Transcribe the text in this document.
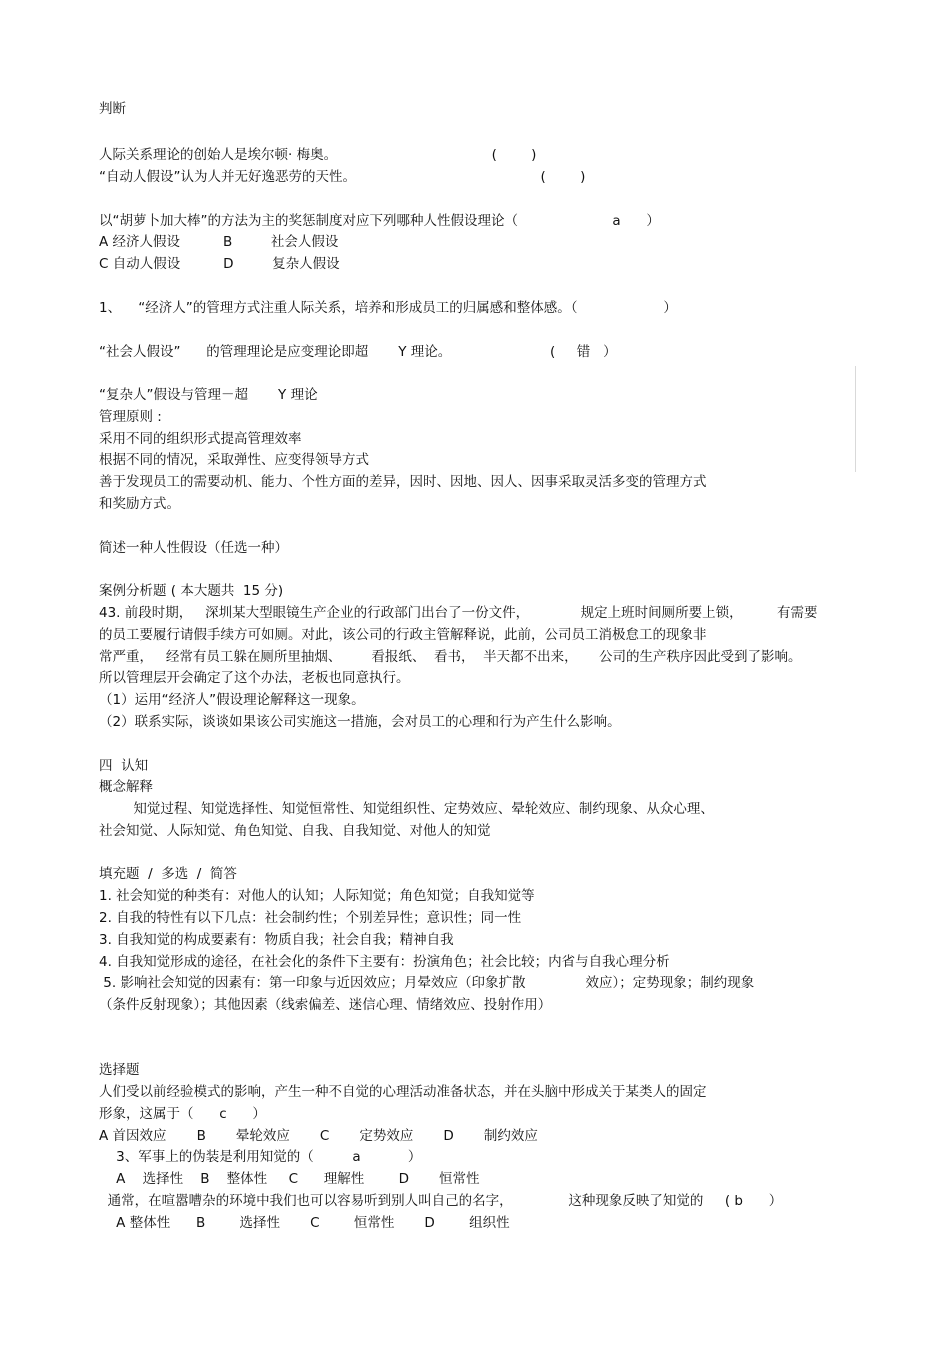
判断
人际关系理论的创始人是埃尔顿· 梅奥。                                    (        )
“自动人假设”认为人并无好逸恶劳的天性。                                           (        )
以“胡萝卜加大棒”的方法为主的奖惩制度对应下列哪种人性假设理论（                      a      ）
A 经济人假设          B         社会人假设
C 自动人假设          D         复杂人假设
1、    “经济人”的管理方式注重人际关系，培养和形成员工的归属感和整体感。（                    ）
“社会人假设”      的管理理论是应变理论即超       Y 理论。                       (     错   ）
“复杂人”假设与管理－超       Y 理论
管理原则 :
采用不同的组织形式提高管理效率
根据不同的情况，采取弹性、应变得领导方式
善于发现员工的需要动机、能力、个性方面的差异，因时、因地、因人、因事采取灵活多变的管理方式
和奖励方式。
简述一种人性假设（任选一种）
案例分析题 ( 本大题共  15 分)
43. 前段时期，   深圳某大型眼镜生产企业的行政部门出台了一份文件，            规定上班时间厕所要上锁，        有需要
的员工要履行请假手续方可如厕。对此，该公司的行政主管解释说，此前，公司员工消极怠工的现象非
常严重，   经常有员工躲在厕所里抽烟、       看报纸、  看书，  半天都不出来，     公司的生产秩序因此受到了影响。
所以管理层开会确定了这个办法，老板也同意执行。
（1）运用“经济人”假设理论解释这一现象。
（2）联系实际，谈谈如果该公司实施这一措施，会对员工的心理和行为产生什么影响。
四  认知
概念解释
知觉过程、知觉选择性、知觉恒常性、知觉组织性、定势效应、晕轮效应、制约现象、从众心理、
社会知觉、人际知觉、角色知觉、自我、自我知觉、对他人的知觉
填充题  /  多选  /  简答
1. 社会知觉的种类有：对他人的认知；人际知觉；角色知觉；自我知觉等
2. 自我的特性有以下几点：社会制约性；个别差异性；意识性；同一性
3. 自我知觉的构成要素有：物质自我；社会自我；精神自我
4. 自我知觉形成的途径，在社会化的条件下主要有：扮演角色；社会比较；内省与自我心理分析
5. 影响社会知觉的因素有：第一印象与近因效应；月晕效应（印象扩散              效应）；定势现象；制约现象
（条件反射现象）；其他因素（线索偏差、迷信心理、情绪效应、投射作用）
选择题
人们受以前经验模式的影响，产生一种不自觉的心理活动准备状态，并在头脑中形成关于某类人的固定
形象，这属于（      c      ）
A 首因效应       B       晕轮效应       C       定势效应       D       制约效应
3、军事上的伪装是利用知觉的（         a           ）
A    选择性    B    整体性     C      理解性        D       恒常性
通常，在喧嚣嘈杂的环境中我们也可以容易听到别人叫自己的名字，             这种现象反映了知觉的     ( b      ）
A 整体性      B        选择性       C        恒常性       D        组织性
